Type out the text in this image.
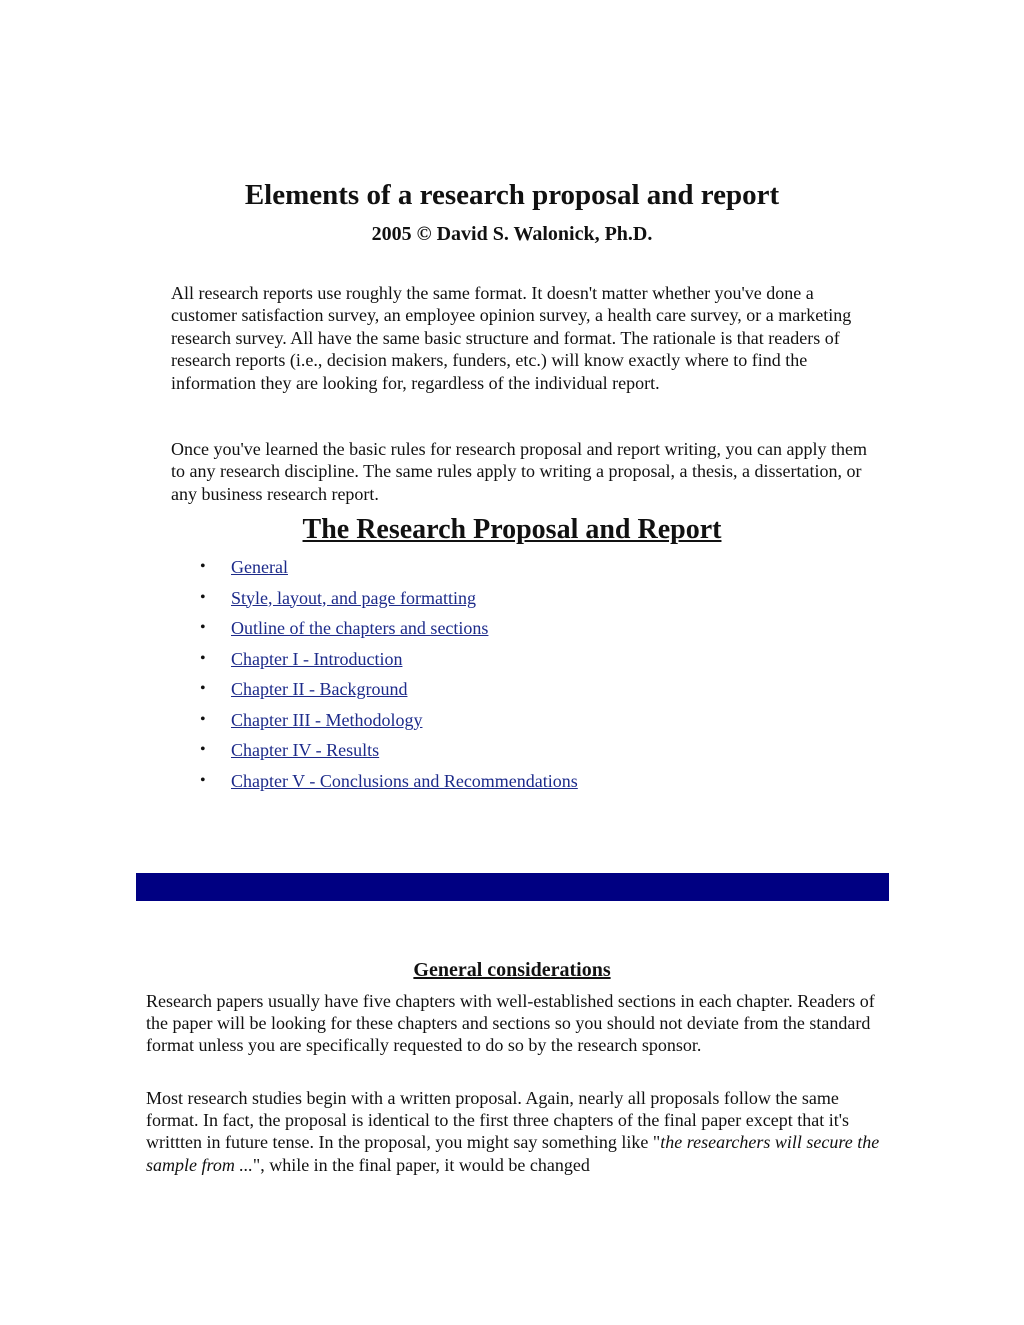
Elements of a research proposal and report
2005 © David S. Walonick, Ph.D.

All research reports use roughly the same format. It doesn't matter whether you've done a customer satisfaction survey, an employee opinion survey, a health care survey, or a marketing research survey. All have the same basic structure and format. The rationale is that readers of research reports (i.e., decision makers, funders, etc.) will know exactly where to find the information they are looking for, regardless of the individual report.

Once you've learned the basic rules for research proposal and report writing, you can apply them to any research discipline. The same rules apply to writing a proposal, a thesis, a dissertation, or any business research report.

The Research Proposal and Report
•	General
•	Style, layout, and page formatting
•	Outline of the chapters and sections
•	Chapter I - Introduction
•	Chapter II - Background
•	Chapter III - Methodology
•	Chapter IV - Results
•	Chapter V - Conclusions and Recommendations
General considerations

Research papers usually have five chapters with well-established sections in each chapter. Readers of the paper will be looking for these chapters and sections so you should not deviate from the standard format unless you are specifically requested to do so by the research sponsor.

Most research studies begin with a written proposal. Again, nearly all proposals follow the same format. In fact, the proposal is identical to the first three chapters of the final paper except that it's writtten in future tense. In the proposal, you might say something like "the researchers will secure the sample from ...", while in the final paper, it would be changed
